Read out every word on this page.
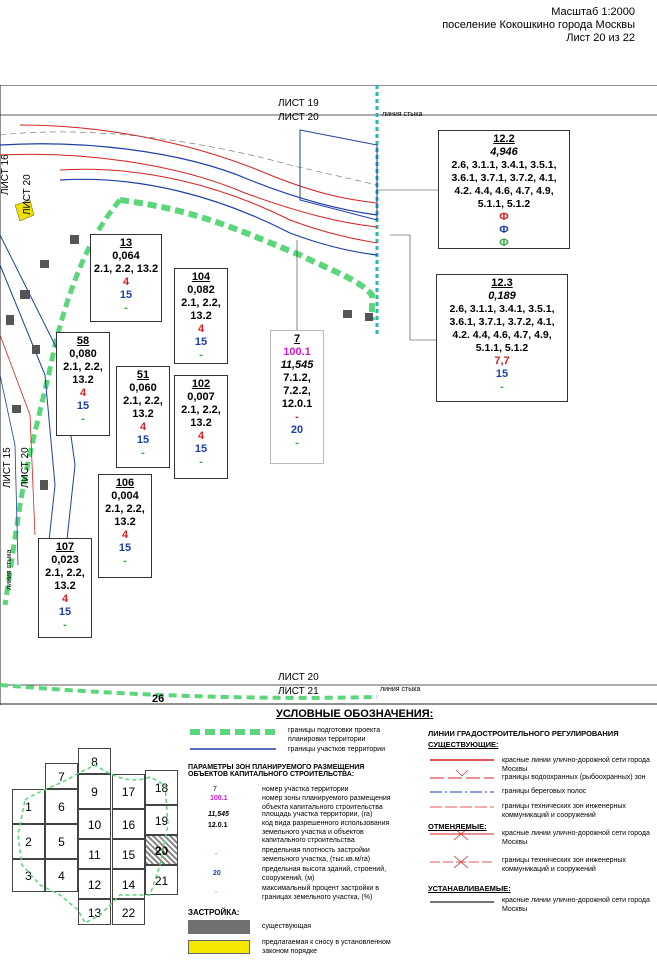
Масштаб 1:2000
поселение Кокошкино города Москвы
Лист 20 из 22
ЛИСТ 19
ЛИСТ 20	линия стыка
ЛИСТ 20
ЛИСТ 21	линия стыка
ЛИСТ 16 ЛИСТ 20
ЛИСТ 15 ЛИСТ 20
линия стыка
26
12.2
4,946
2.6, 3.1.1, 3.4.1, 3.5.1,
3.6.1, 3.7.1, 3.7.2, 4.1,
4.2. 4.4, 4.6, 4.7, 4.9,
5.1.1, 5.1.2
Ф
Ф
Ф
12.3
0,189
2.6, 3.1.1, 3.4.1, 3.5.1,
3.6.1, 3.7.1, 3.7.2, 4.1,
4.2. 4.4, 4.6, 4.7, 4.9,
5.1.1, 5.1.2
7,7
15
-
13
0,064
2.1, 2.2, 13.2
4
15
-
104
0,082
2.1, 2.2,
13.2
4
15
-
7
100.1
11,545
7.1.2,
7.2.2,
12.0.1
-
20
-
58
0,080
2.1, 2.2,
13.2
4
15
-
51
0,060
2.1, 2.2,
13.2
4
15
-
102
0,007
2.1, 2.2,
13.2
4
15
-
106
0,004
2.1, 2.2,
13.2
4
15
-
107
0,023
2.1, 2.2,
13.2
4
15
-
УСЛОВНЫЕ ОБОЗНАЧЕНИЯ:
границы подготовки проекта планировки территории
границы участков территории
ПАРАМЕТРЫ ЗОН ПЛАНИРУЕМОГО РАЗМЕЩЕНИЯ ОБЪЕКТОВ КАПИТАЛЬНОГО СТРОИТЕЛЬСТВА:
7	номер участка территории
100.1	номер зоны планируемого размещения объекта капитального строительства
11,545	площадь участка территории, (га)
12.0.1	код вида разрешенного использования земельного участка и объектов капитального строительства
-
предельная плотность застройки земельного участка, (тыс.кв.м/га)
20
предельная высота зданий, строений, сооружений, (м)
-
максимальный процент застройки в границах земельного участка, (%)
ЗАСТРОЙКА:
существующая
предлагаемая к сносу в установленном законом порядке
ЛИНИИ ГРАДОСТРОИТЕЛЬНОГО РЕГУЛИРОВАНИЯ
СУЩЕСТВУЮЩИЕ:
красные линии улично-дорожной сети города Москвы
границы водоохранных (рыбоохранных) зон
границы береговых полос
границы технических зон инженерных коммуникаций и сооружений
ОТМЕНЯЕМЫЕ:
красные линии улично-дорожной сети города Москвы
границы технических зон инженерных коммуникаций и сооружений
УСТАНАВЛИВАЕМЫЕ:
красные линии улично-дорожной сети города Москвы
8
7
9	17	18
1	6
10	16	19
2	5
11	15	20
3	4
12	14	21
13	22
